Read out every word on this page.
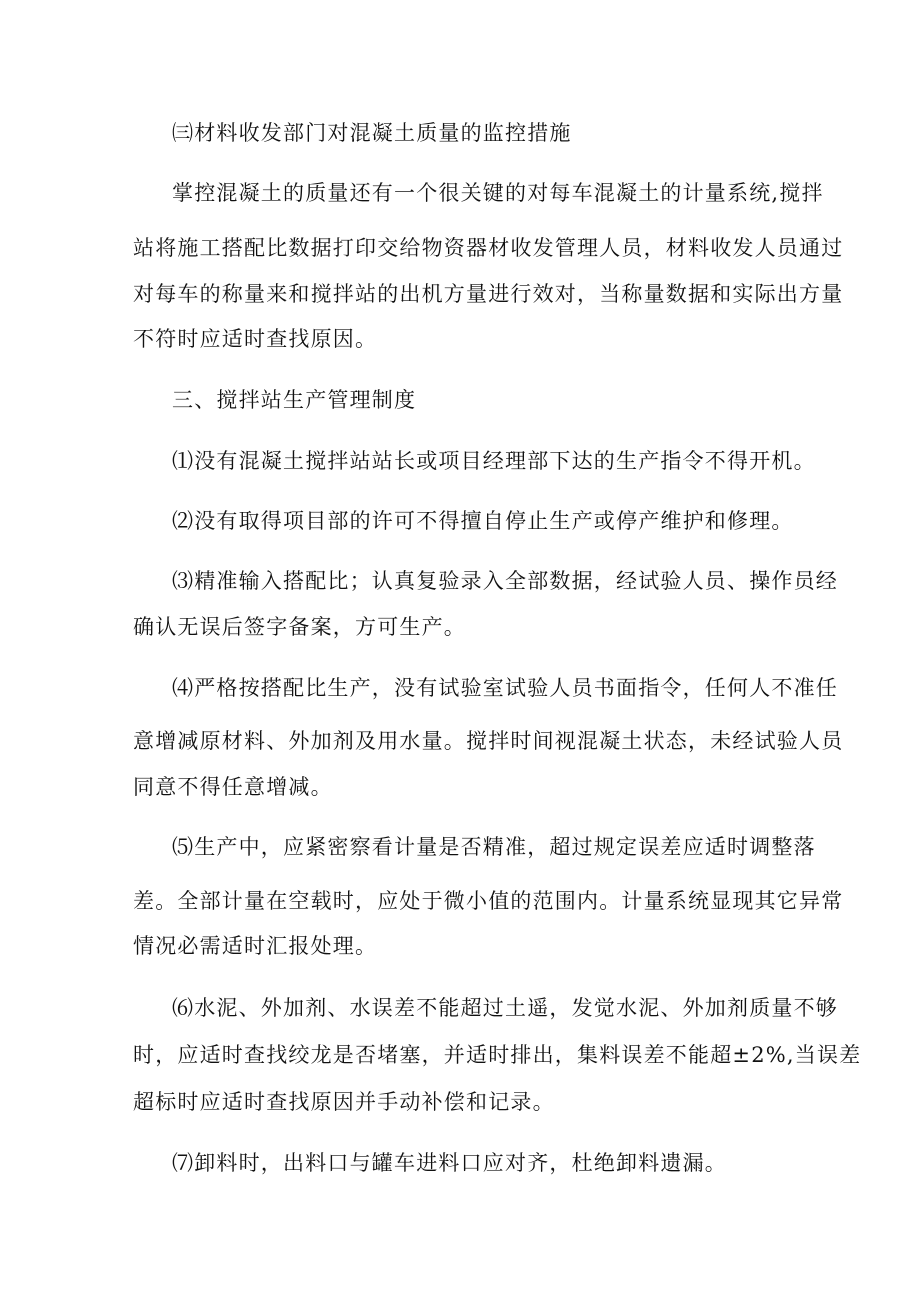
㈢材料收发部门对混凝土质量的监控措施
掌控混凝土的质量还有一个很关键的对每车混凝土的计量系统,搅拌
站将施工搭配比数据打印交给物资器材收发管理人员，材料收发人员通过
对每车的称量来和搅拌站的出机方量进行效对，当称量数据和实际出方量
不符时应适时查找原因。
三、搅拌站生产管理制度
⑴没有混凝土搅拌站站长或项目经理部下达的生产指令不得开机。
⑵没有取得项目部的许可不得擅自停止生产或停产维护和修理。
⑶精准输入搭配比；认真复验录入全部数据，经试验人员、操作员经
确认无误后签字备案，方可生产。
⑷严格按搭配比生产，没有试验室试验人员书面指令，任何人不准任
意增减原材料、外加剂及用水量。搅拌时间视混凝土状态，未经试验人员
同意不得任意增减。
⑸生产中，应紧密察看计量是否精准，超过规定误差应适时调整落
差。全部计量在空载时，应处于微小值的范围内。计量系统显现其它异常
情况必需适时汇报处理。
⑹水泥、外加剂、水误差不能超过土遥，发觉水泥、外加剂质量不够
时，应适时查找绞龙是否堵塞，并适时排出，集料误差不能超±2%,当误差
超标时应适时查找原因并手动补偿和记录。
⑺卸料时，出料口与罐车进料口应对齐，杜绝卸料遗漏。
